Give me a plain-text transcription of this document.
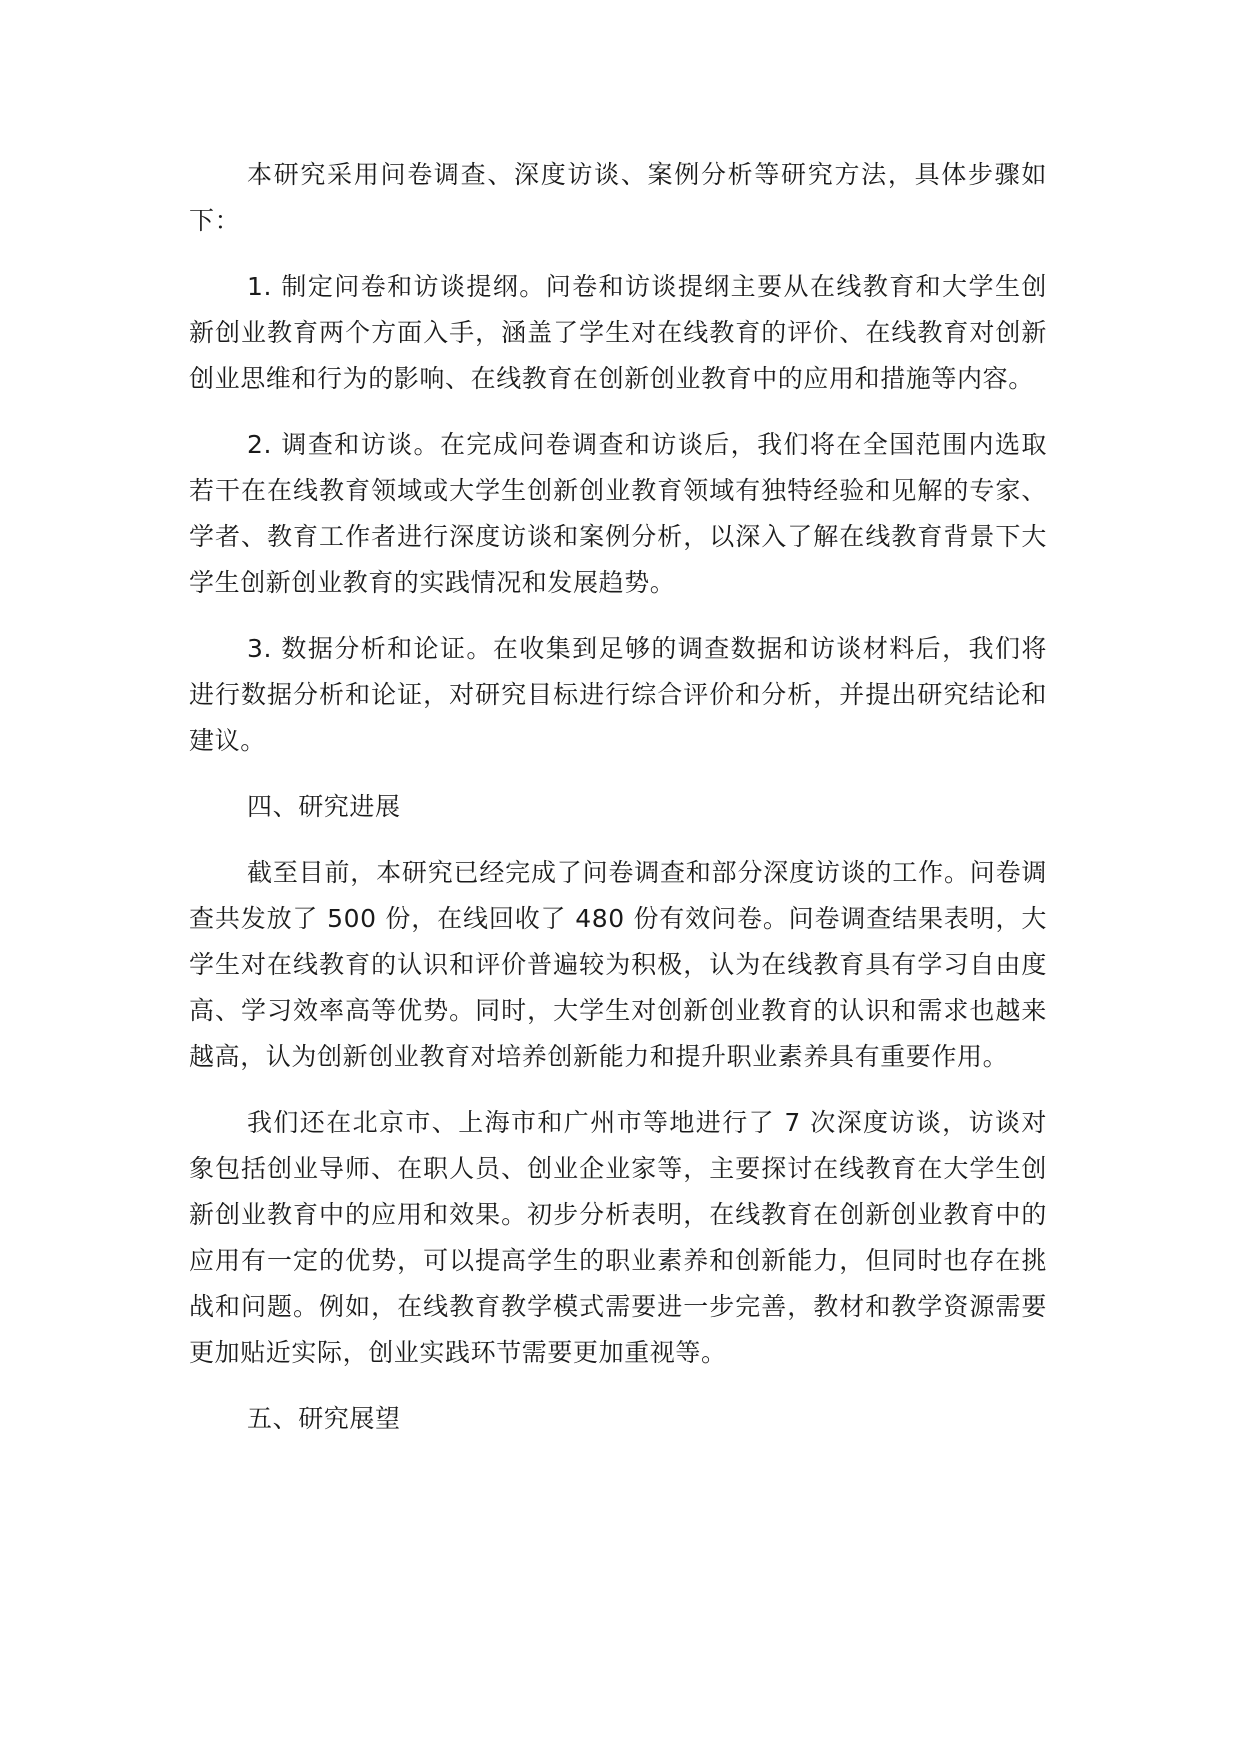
本研究采用问卷调查、深度访谈、案例分析等研究方法，具体步骤如下：

1. 制定问卷和访谈提纲。问卷和访谈提纲主要从在线教育和大学生创新创业教育两个方面入手，涵盖了学生对在线教育的评价、在线教育对创新创业思维和行为的影响、在线教育在创新创业教育中的应用和措施等内容。

2. 调查和访谈。在完成问卷调查和访谈后，我们将在全国范围内选取若干在在线教育领域或大学生创新创业教育领域有独特经验和见解的专家、学者、教育工作者进行深度访谈和案例分析，以深入了解在线教育背景下大学生创新创业教育的实践情况和发展趋势。

3. 数据分析和论证。在收集到足够的调查数据和访谈材料后，我们将进行数据分析和论证，对研究目标进行综合评价和分析，并提出研究结论和建议。

四、研究进展

截至目前，本研究已经完成了问卷调查和部分深度访谈的工作。问卷调查共发放了 500 份，在线回收了 480 份有效问卷。问卷调查结果表明，大学生对在线教育的认识和评价普遍较为积极，认为在线教育具有学习自由度高、学习效率高等优势。同时，大学生对创新创业教育的认识和需求也越来越高，认为创新创业教育对培养创新能力和提升职业素养具有重要作用。

我们还在北京市、上海市和广州市等地进行了 7 次深度访谈，访谈对象包括创业导师、在职人员、创业企业家等，主要探讨在线教育在大学生创新创业教育中的应用和效果。初步分析表明，在线教育在创新创业教育中的应用有一定的优势，可以提高学生的职业素养和创新能力，但同时也存在挑战和问题。例如，在线教育教学模式需要进一步完善，教材和教学资源需要更加贴近实际，创业实践环节需要更加重视等。

五、研究展望
